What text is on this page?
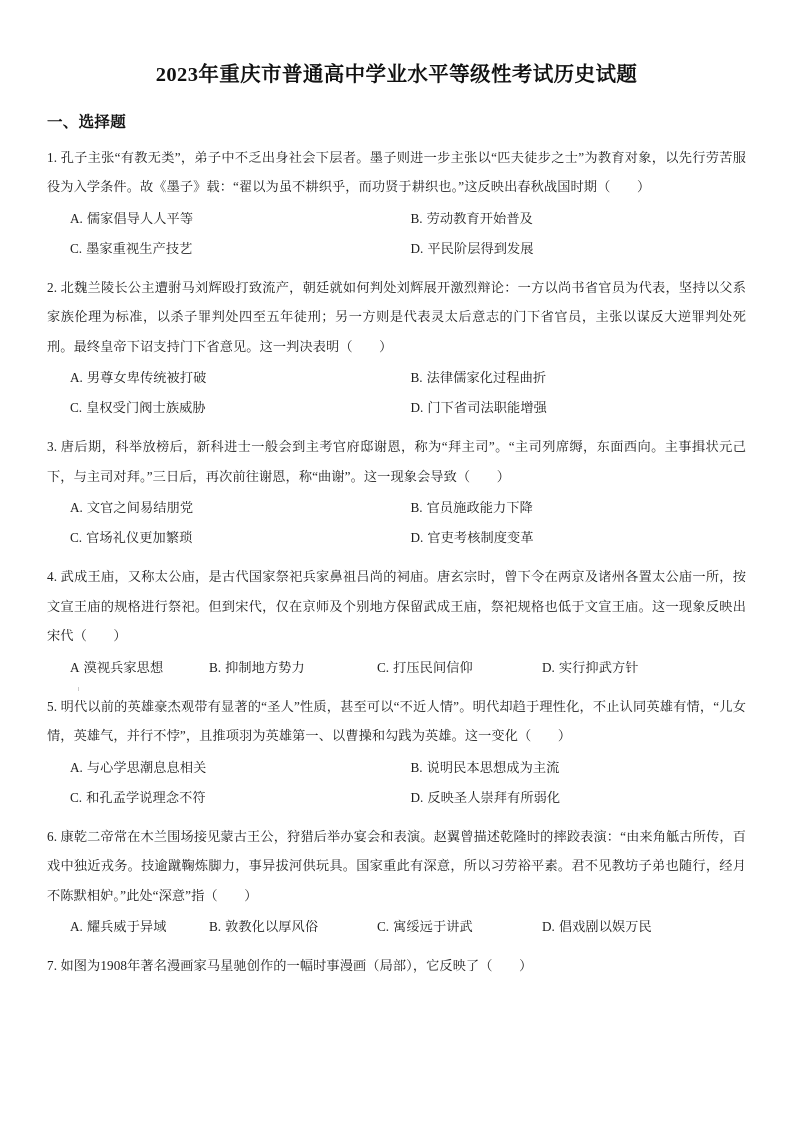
2023年重庆市普通高中学业水平等级性考试历史试题
一、选择题

1. 孔子主张“有教无类”，弟子中不乏出身社会下层者。墨子则进一步主张以“匹夫徒步之士”为教育对象，以先行劳苦服役为入学条件。故《墨子》载：“翟以为虽不耕织乎，而功贤于耕织也。”这反映出春秋战国时期（　　）

A. 儒家倡导人人平等	B. 劳动教育开始普及
C. 墨家重视生产技艺	D. 平民阶层得到发展

2. 北魏兰陵长公主遭驸马刘辉殴打致流产，朝廷就如何判处刘辉展开激烈辩论：一方以尚书省官员为代表，坚持以父系家族伦理为标准，以杀子罪判处四至五年徒刑；另一方则是代表灵太后意志的门下省官员，主张以谋反大逆罪判处死刑。最终皇帝下诏支持门下省意见。这一判决表明（　　）

A. 男尊女卑传统被打破	B. 法律儒家化过程曲折
C. 皇权受门阀士族威胁	D. 门下省司法职能增强

3. 唐后期，科举放榜后，新科进士一般会到主考官府邸谢恩，称为“拜主司”。“主司列席缛，东面西向。主事揖状元己下，与主司对拜。”三日后，再次前往谢恩，称“曲谢”。这一现象会导致（　　）

A. 文官之间易结朋党	B. 官员施政能力下降
C. 官场礼仪更加繁琐	D. 官吏考核制度变革

4. 武成王庙，又称太公庙，是古代国家祭祀兵家鼻祖吕尚的祠庙。唐玄宗时，曾下令在两京及诸州各置太公庙一所，按文宣王庙的规格进行祭祀。但到宋代，仅在京师及个别地方保留武成王庙，祭祀规格也低于文宣王庙。这一现象反映出宋代（　　）

A 漠视兵家思想	B. 抑制地方势力	C. 打压民间信仰	D. 实行抑武方针

5. 明代以前的英雄豪杰观带有显著的“圣人”性质，甚至可以“不近人情”。明代却趋于理性化，不止认同英雄有情，“儿女情，英雄气，并行不悖”，且推项羽为英雄第一、以曹操和勾践为英雄。这一变化（　　）

A. 与心学思潮息息相关	B. 说明民本思想成为主流
C. 和孔孟学说理念不符	D. 反映圣人崇拜有所弱化

6. 康乾二帝常在木兰围场接见蒙古王公，狩猎后举办宴会和表演。赵翼曾描述乾隆时的摔跤表演：“由来角觝古所传，百戏中独近戎务。技逾蹴鞠炼脚力，事异拔河供玩具。国家重此有深意，所以习劳裕平素。君不见教坊子弟也随行，经月不陈默相妒。”此处“深意”指（　　）

A. 耀兵威于异域	B. 敦教化以厚风俗	C. 寓绥远于讲武	D. 倡戏剧以娱万民

7. 如图为1908年著名漫画家马星驰创作的一幅时事漫画（局部），它反映了（　　）
